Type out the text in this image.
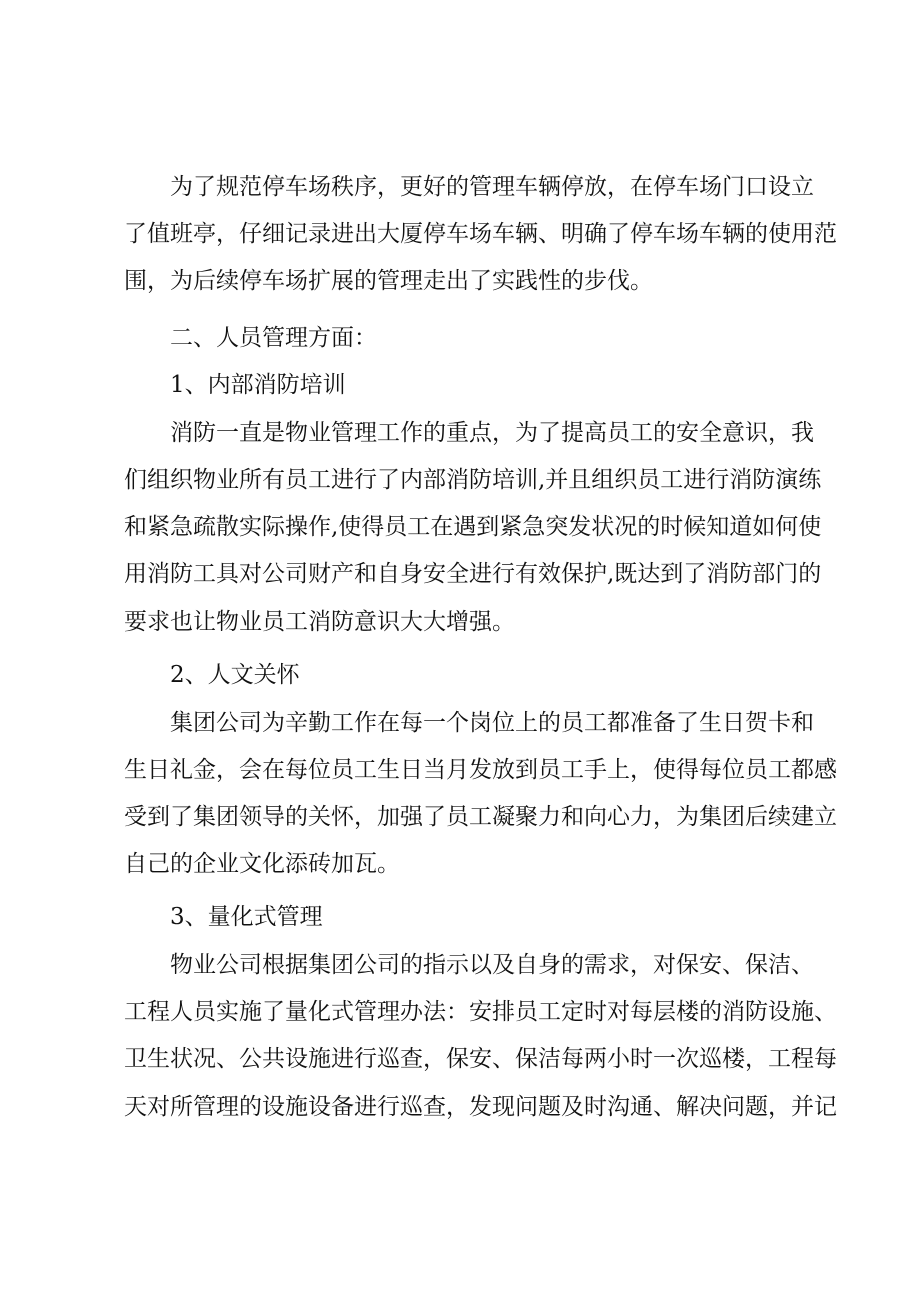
为了规范停车场秩序，更好的管理车辆停放，在停车场门口设立
了值班亭，仔细记录进出大厦停车场车辆、明确了停车场车辆的使用范
围，为后续停车场扩展的管理走出了实践性的步伐。
二、人员管理方面：
1、内部消防培训
消防一直是物业管理工作的重点，为了提高员工的安全意识，我
们组织物业所有员工进行了内部消防培训,并且组织员工进行消防演练
和紧急疏散实际操作,使得员工在遇到紧急突发状况的时候知道如何使
用消防工具对公司财产和自身安全进行有效保护,既达到了消防部门的
要求也让物业员工消防意识大大增强。
2、人文关怀
集团公司为辛勤工作在每一个岗位上的员工都准备了生日贺卡和
生日礼金，会在每位员工生日当月发放到员工手上，使得每位员工都感
受到了集团领导的关怀，加强了员工凝聚力和向心力，为集团后续建立
自己的企业文化添砖加瓦。
3、量化式管理
物业公司根据集团公司的指示以及自身的需求，对保安、保洁、
工程人员实施了量化式管理办法：安排员工定时对每层楼的消防设施、
卫生状况、公共设施进行巡查，保安、保洁每两小时一次巡楼，工程每
天对所管理的设施设备进行巡查，发现问题及时沟通、解决问题，并记
